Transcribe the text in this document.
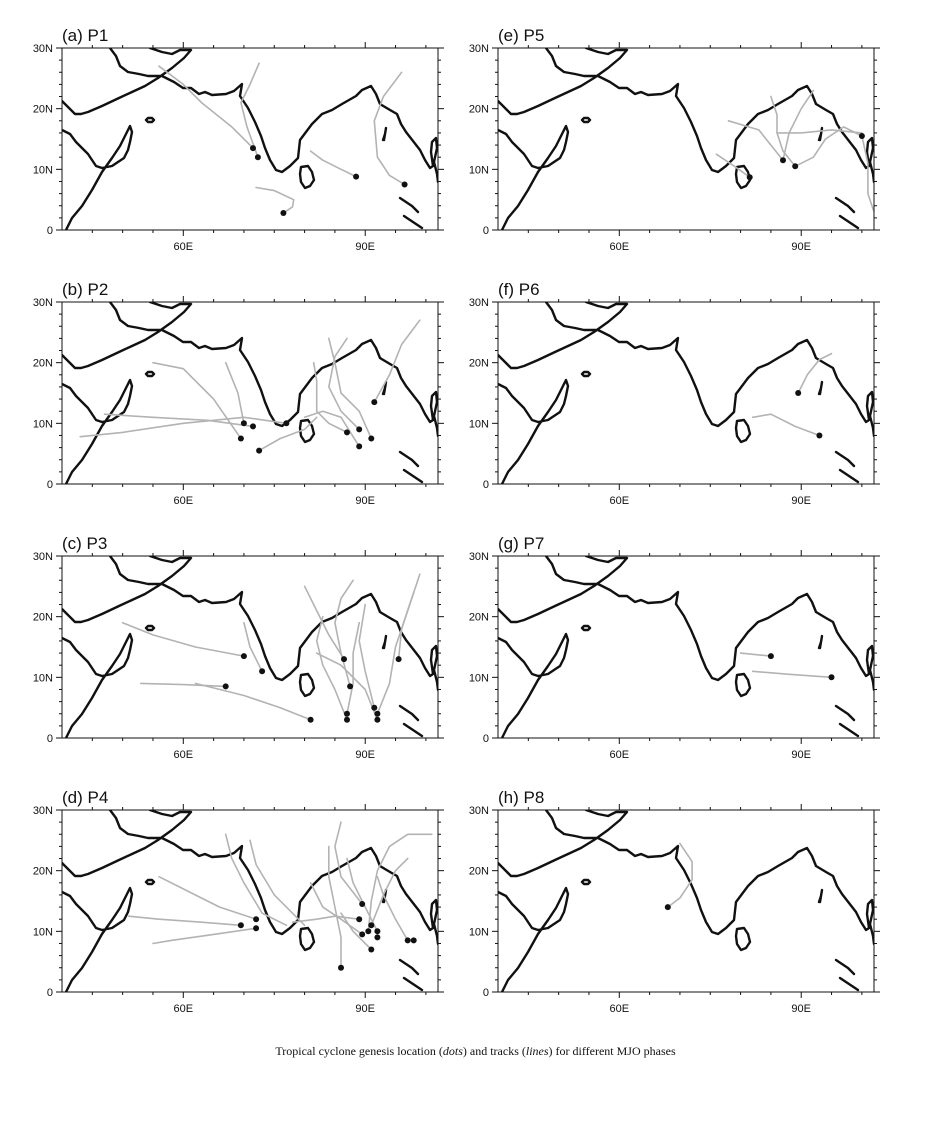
(a) P1
60E	90E
0
10N
20N
30N
(b) P2
60E	90E
0
10N
20N
30N
(c) P3
60E	90E
0
10N
20N
30N
(d) P4
60E	90E
0
10N
20N
30N
(e) P5
60E	90E
0
10N
20N
30N
(f) P6
60E	90E
0
10N
20N
30N
(g) P7
60E	90E
0
10N
20N
30N
(h) P8
60E	90E
0
10N
20N
30N
Tropical cyclone genesis location (dots) and tracks (lines) for different MJO phases
